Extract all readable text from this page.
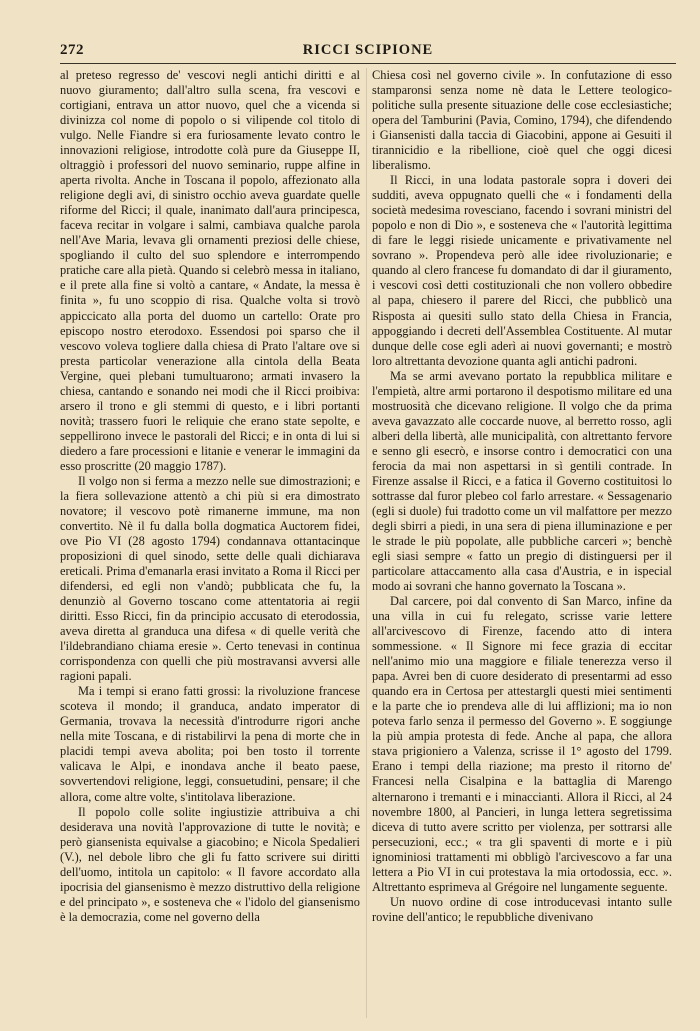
272	RICCI SCIPIONE

al preteso regresso de' vescovi negli antichi diritti e al nuovo giuramento; dall'altro sulla scena, fra vescovi e cortigiani, entrava un attor nuovo, quel che a vicenda si divinizza col nome di popolo o si vilipende col titolo di vulgo. Nelle Fiandre si era furiosamente levato contro le innovazioni religiose, introdotte colà pure da Giuseppe II, oltraggiò i professori del nuovo seminario, ruppe alfine in aperta rivolta. Anche in Toscana il popolo, affezionato alla religione degli avi, di sinistro occhio aveva guardate quelle riforme del Ricci; il quale, inanimato dall'aura principesca, faceva recitar in volgare i salmi, cambiava qualche parola nell'Ave Maria, levava gli ornamenti preziosi delle chiese, spogliando il culto del suo splendore e interrompendo pratiche care alla pietà. Quando si celebrò messa in italiano, e il prete alla fine si voltò a cantare, « Andate, la messa è finita », fu uno scoppio di risa. Qualche volta si trovò appiccicato alla porta del duomo un cartello: Orate pro episcopo nostro eterodoxo. Essendosi poi sparso che il vescovo voleva togliere dalla chiesa di Prato l'altare ove si presta particolar venerazione alla cintola della Beata Vergine, quei plebani tumultuarono; armati invasero la chiesa, cantando e sonando nei modi che il Ricci proibiva: arsero il trono e gli stemmi di questo, e i libri portanti novità; trassero fuori le reliquie che erano state sepolte, e seppellirono invece le pastorali del Ricci; e in onta di lui si diedero a fare processioni e litanie e venerar le immagini da esso proscritte (20 maggio 1787).

Il volgo non si ferma a mezzo nelle sue dimostrazioni; e la fiera sollevazione attentò a chi più si era dimostrato novatore; il vescovo potè rimanerne immune, ma non convertito. Nè il fu dalla bolla dogmatica Auctorem fidei, ove Pio VI (28 agosto 1794) condannava ottantacinque proposizioni di quel sinodo, sette delle quali dichiarava ereticali. Prima d'emanarla erasi invitato a Roma il Ricci per difendersi, ed egli non v'andò; pubblicata che fu, la denunziò al Governo toscano come attentatoria ai regii diritti. Esso Ricci, fin da principio accusato di eterodossia, aveva diretta al granduca una difesa « di quelle verità che l'ildebrandiano chiama eresie ». Certo tenevasi in continua corrispondenza con quelli che più mostravansi avversi alle ragioni papali.

Ma i tempi si erano fatti grossi: la rivoluzione francese scoteva il mondo; il granduca, andato imperator di Germania, trovava la necessità d'introdurre rigori anche nella mite Toscana, e di ristabilirvi la pena di morte che in placidi tempi aveva abolita; poi ben tosto il torrente valicava le Alpi, e inondava anche il beato paese, sovvertendovi religione, leggi, consuetudini, pensare; il che allora, come altre volte, s'intitolava liberazione.

Il popolo colle solite ingiustizie attribuiva a chi desiderava una novità l'approvazione di tutte le novità; e però giansenista equivalse a giacobino; e Nicola Spedalieri (V.), nel debole libro che gli fu fatto scrivere sui diritti dell'uomo, intitola un capitolo: « Il favore accordato alla ipocrisia del giansenismo è mezzo distruttivo della religione e del principato », e sosteneva che « l'idolo del giansenismo è la democrazia, come nel governo della

Chiesa così nel governo civile ». In confutazione di esso stamparonsi senza nome nè data le Lettere teologico-politiche sulla presente situazione delle cose ecclesiastiche; opera del Tamburini (Pavia, Comino, 1794), che difendendo i Giansenisti dalla taccia di Giacobini, appone ai Gesuiti il tirannicidio e la ribellione, cioè quel che oggi dicesi liberalismo.

Il Ricci, in una lodata pastorale sopra i doveri dei sudditi, aveva oppugnato quelli che « i fondamenti della società medesima rovesciano, facendo i sovrani ministri del popolo e non di Dio », e sosteneva che « l'autorità legittima di fare le leggi risiede unicamente e privativamente nel sovrano ». Propendeva però alle idee rivoluzionarie; e quando al clero francese fu domandato di dar il giuramento, i vescovi così detti costituzionali che non vollero obbedire al papa, chiesero il parere del Ricci, che pubblicò una Risposta ai quesiti sullo stato della Chiesa in Francia, appoggiando i decreti dell'Assemblea Costituente. Al mutar dunque delle cose egli aderì ai nuovi governanti; e mostrò loro altrettanta devozione quanta agli antichi padroni.

Ma se armi avevano portato la repubblica militare e l'empietà, altre armi portarono il despotismo militare ed una mostruosità che dicevano religione. Il volgo che da prima aveva gavazzato alle coccarde nuove, al berretto rosso, agli alberi della libertà, alle municipalità, con altrettanto fervore e senno gli esecrò, e insorse contro i democratici con una ferocia da mai non aspettarsi in sì gentili contrade. In Firenze assalse il Ricci, e a fatica il Governo costituitosi lo sottrasse dal furor plebeo col farlo arrestare. « Sessagenario (egli si duole) fui tradotto come un vil malfattore per mezzo degli sbirri a piedi, in una sera di piena illuminazione e per le strade le più popolate, alle pubbliche carceri »; benchè egli siasi sempre « fatto un pregio di distinguersi per il particolare attaccamento alla casa d'Austria, e in ispecial modo ai sovrani che hanno governato la Toscana ».

Dal carcere, poi dal convento di San Marco, infine da una villa in cui fu relegato, scrisse varie lettere all'arcivescovo di Firenze, facendo atto di intera sommessione. « Il Signore mi fece grazia di eccitar nell'animo mio una maggiore e filiale tenerezza verso il papa. Avrei ben di cuore desiderato di presentarmi ad esso quando era in Certosa per attestargli questi miei sentimenti e la parte che io prendeva alle di lui afflizioni; ma io non poteva farlo senza il permesso del Governo ». E soggiunge la più ampia protesta di fede. Anche al papa, che allora stava prigioniero a Valenza, scrisse il 1° agosto del 1799. Erano i tempi della riazione; ma presto il ritorno de' Francesi nella Cisalpina e la battaglia di Marengo alternarono i tremanti e i minaccianti. Allora il Ricci, al 24 novembre 1800, al Pancieri, in lunga lettera segretissima diceva di tutto avere scritto per violenza, per sottrarsi alle persecuzioni, ecc.; « tra gli spaventi di morte e i più ignominiosi trattamenti mi obbligò l'arcivescovo a far una lettera a Pio VI in cui protestava la mia ortodossia, ecc. ». Altrettanto esprimeva al Grégoire nel lungamente seguente.

Un nuovo ordine di cose introducevasi intanto sulle rovine dell'antico; le repubbliche divenivano
